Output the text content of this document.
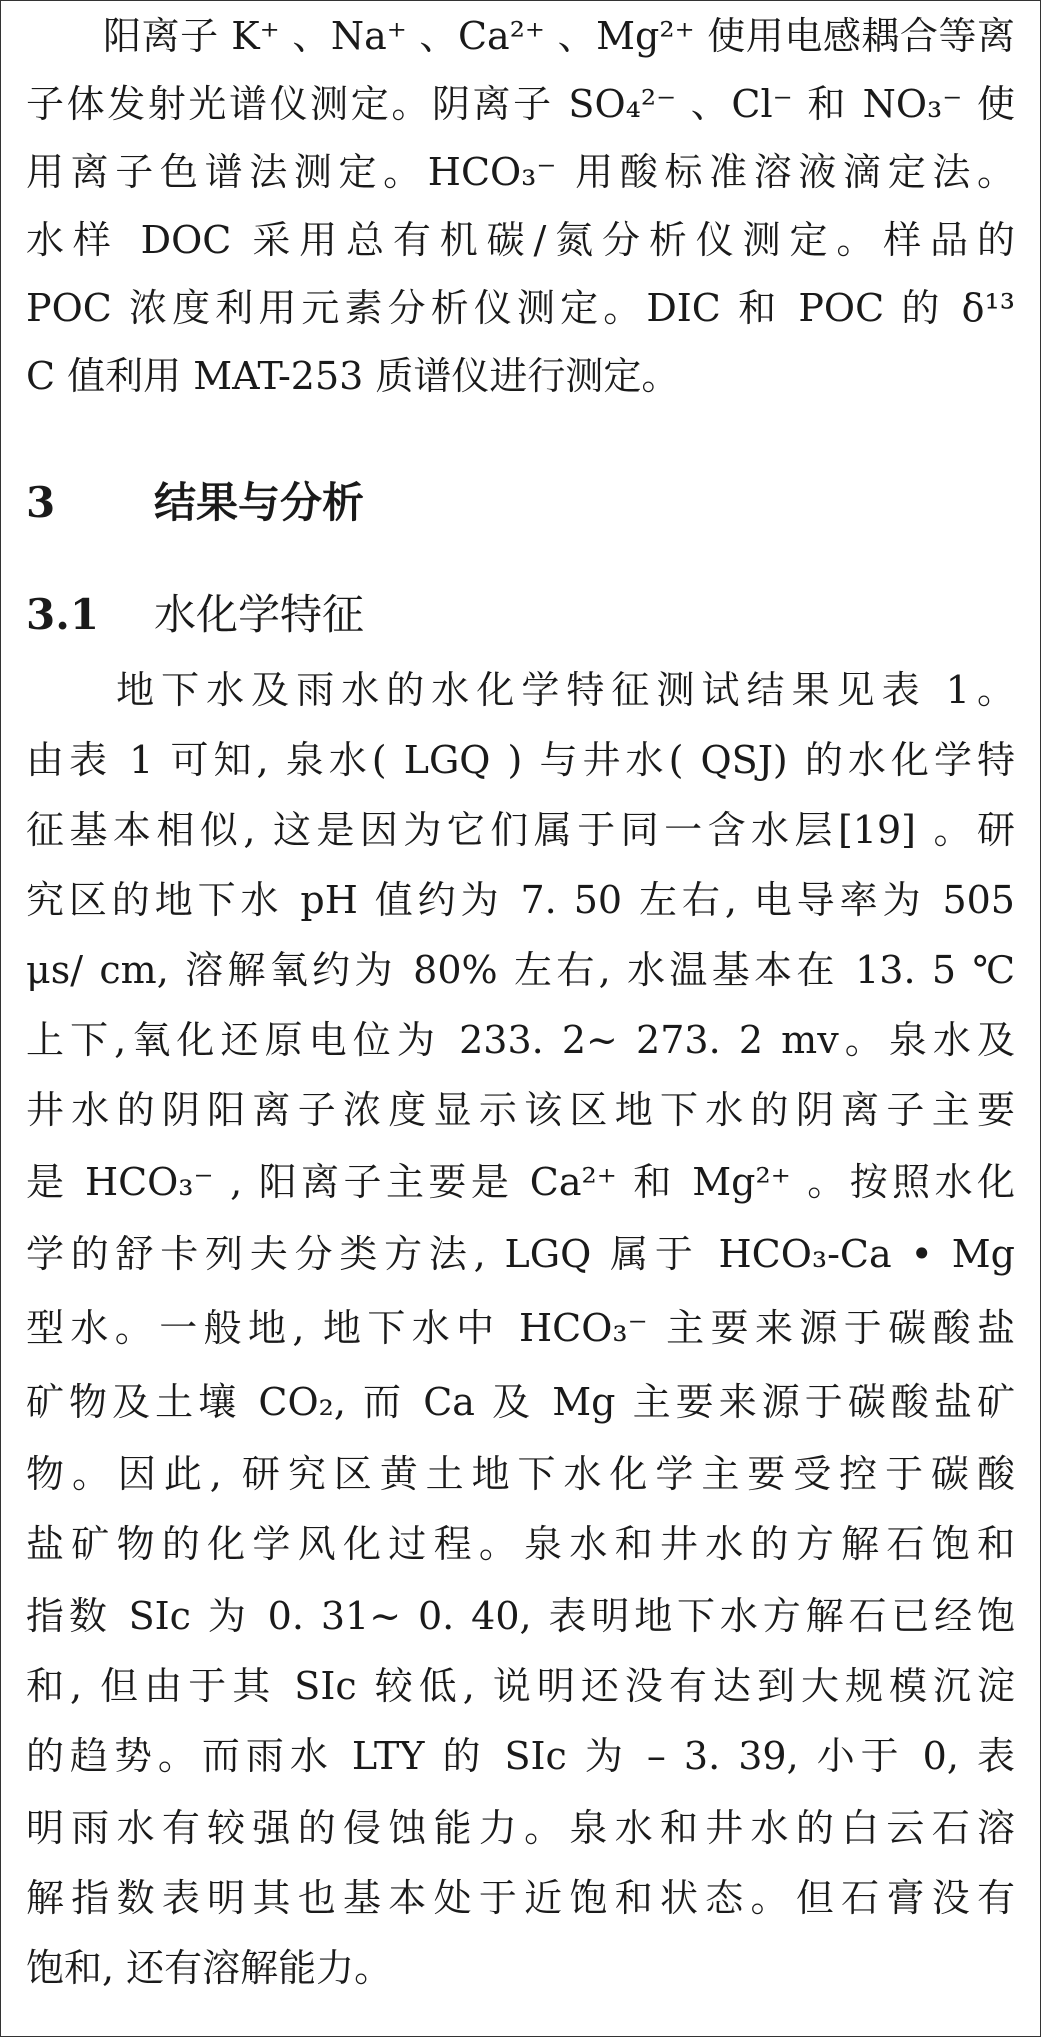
　　阳离子 K⁺ 、Na⁺ 、Ca²⁺ 、Mg²⁺ 使用电感耦合等离
子体发射光谱仪测定。阴离子 SO₄²⁻ 、Cl⁻ 和 NO₃⁻ 使
用离子色谱法测定。HCO₃⁻ 用酸标准溶液滴定法。
水样 DOC 采用总有机碳/氮分析仪测定。样品的
POC 浓度利用元素分析仪测定。DIC 和 POC 的 δ¹³
C 值利用 MAT-253 质谱仪进行测定。
3 结果与分析
3.1 水化学特征
　　地下水及雨水的水化学特征测试结果见表 1。
由表 1 可知, 泉水( LGQ ) 与井水( QSJ) 的水化学特
征基本相似, 这是因为它们属于同一含水层[19] 。研
究区的地下水 pH 值约为 7. 50 左右, 电导率为 505
μs/ cm, 溶解氧约为 80% 左右, 水温基本在 13. 5 ℃
上下,氧化还原电位为 233. 2~ 273. 2 mv。泉水及
井水的阴阳离子浓度显示该区地下水的阴离子主要
是 HCO₃⁻ , 阳离子主要是 Ca²⁺ 和 Mg²⁺ 。按照水化
学的舒卡列夫分类方法, LGQ 属于 HCO₃-Ca • Mg
型水。一般地, 地下水中 HCO₃⁻ 主要来源于碳酸盐
矿物及土壤 CO₂, 而 Ca 及 Mg 主要来源于碳酸盐矿
物。因此, 研究区黄土地下水化学主要受控于碳酸
盐矿物的化学风化过程。泉水和井水的方解石饱和
指数 SIc 为 0. 31~ 0. 40, 表明地下水方解石已经饱
和, 但由于其 SIc 较低, 说明还没有达到大规模沉淀
的趋势。而雨水 LTY 的 SIc 为 – 3. 39, 小于 0, 表
明雨水有较强的侵蚀能力。泉水和井水的白云石溶
解指数表明其也基本处于近饱和状态。但石膏没有
饱和, 还有溶解能力。
